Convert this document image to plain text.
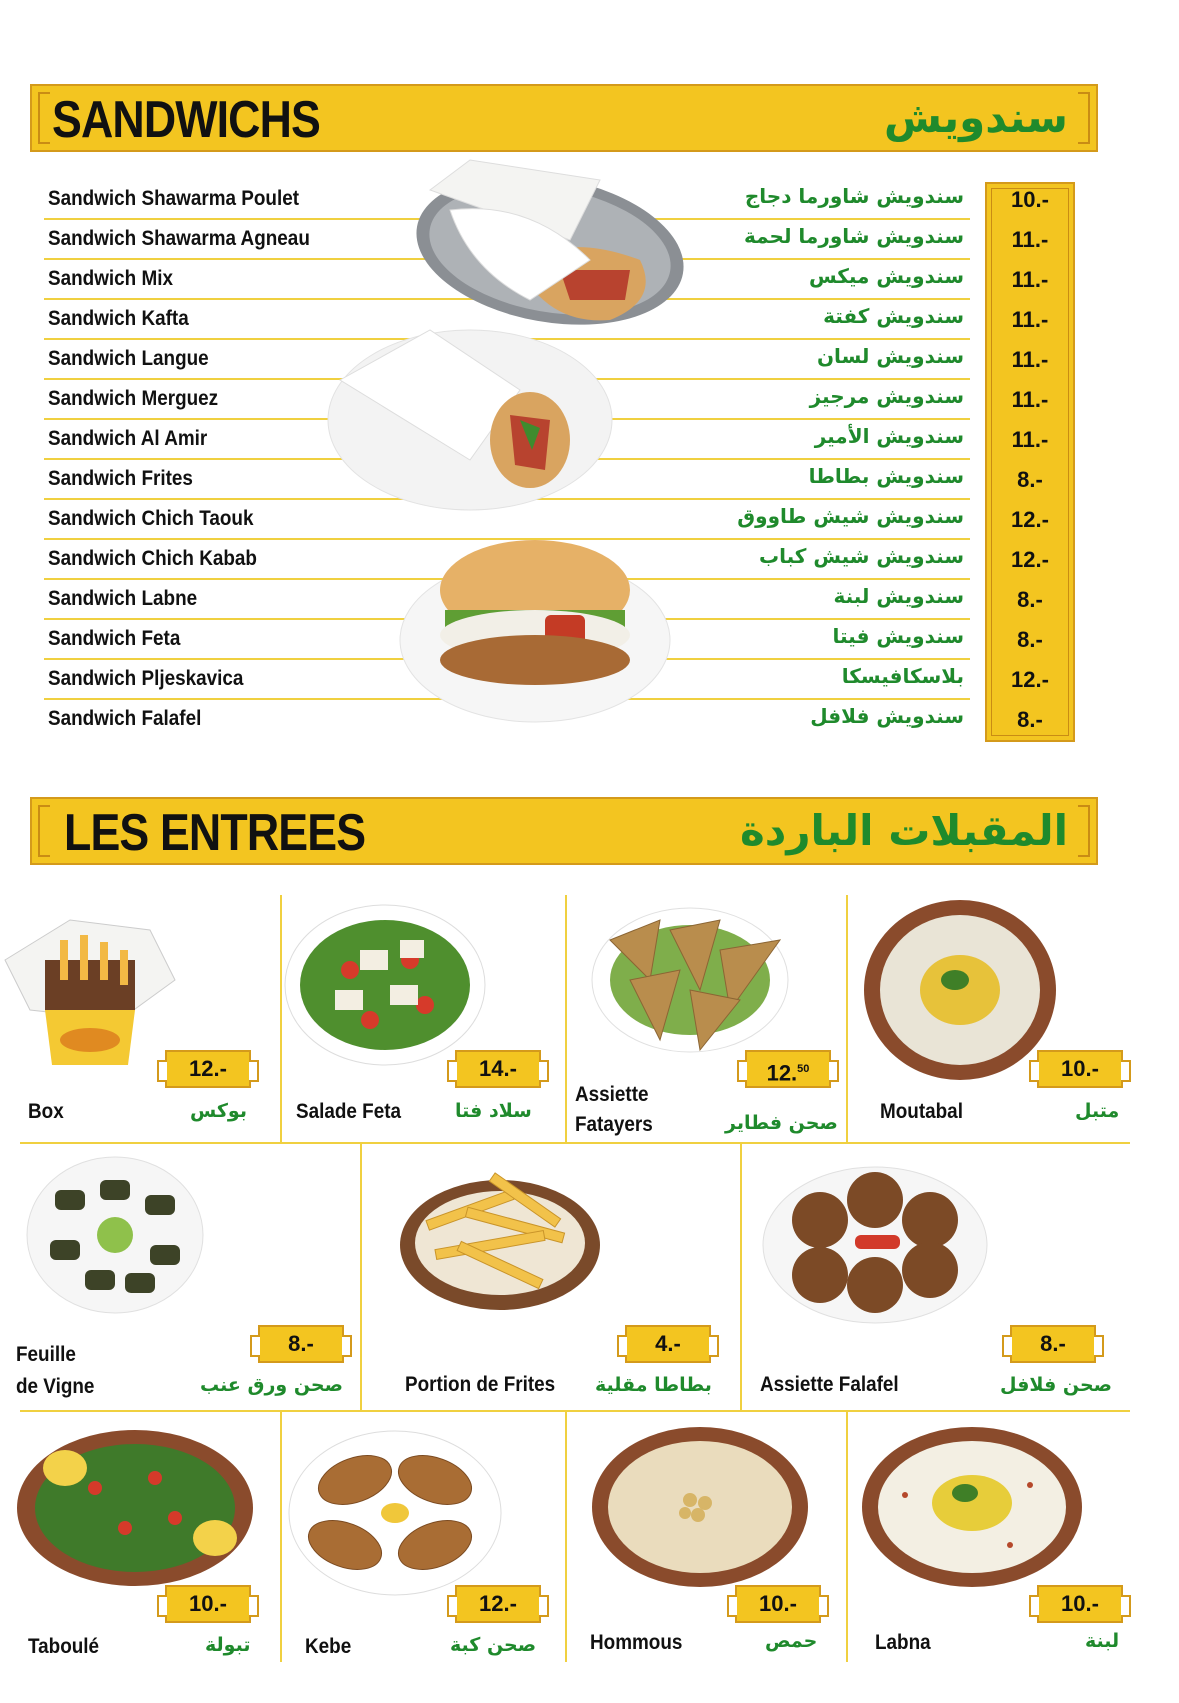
SANDWICHS	سندويش
Sandwich Shawarma Poulet	سندويش شاورما دجاج	10.-
Sandwich Shawarma Agneau	سندويش شاورما لحمة	11.-
Sandwich Mix	سندويش ميكس	11.-
Sandwich Kafta	سندويش كفتة	11.-
Sandwich Langue	سندويش لسان	11.-
Sandwich Merguez	سندويش مرجيز	11.-
Sandwich Al Amir	سندويش الأمير	11.-
Sandwich Frites	سندويش بطاطا	8.-
Sandwich Chich Taouk	سندويش شيش طاووق	12.-
Sandwich Chich Kabab	سندويش شيش كباب	12.-
Sandwich Labne	سندويش لبنة	8.-
Sandwich Feta	سندويش فيتا	8.-
Sandwich Pljeskavica	بلاسكافيسكا	12.-
Sandwich Falafel	سندويش فلافل	8.-
LES ENTREES	المقبلات الباردة
12.-
Box	بوكس
14.-
Salade Feta	سلاد فتا
12.50
Assiette
Fatayers	صحن فطاير
10.-
Moutabal	متبل
8.-
Feuille
de Vigne	صحن ورق عنب
4.-
Portion de Frites بطاطا مقلية
8.-
Assiette Falafel	صحن فلافل
10.-
Taboulé	تبولة
12.-
Kebe	صحن كبة
10.-
Hommous	حمص
10.-
Labna	لبنة
